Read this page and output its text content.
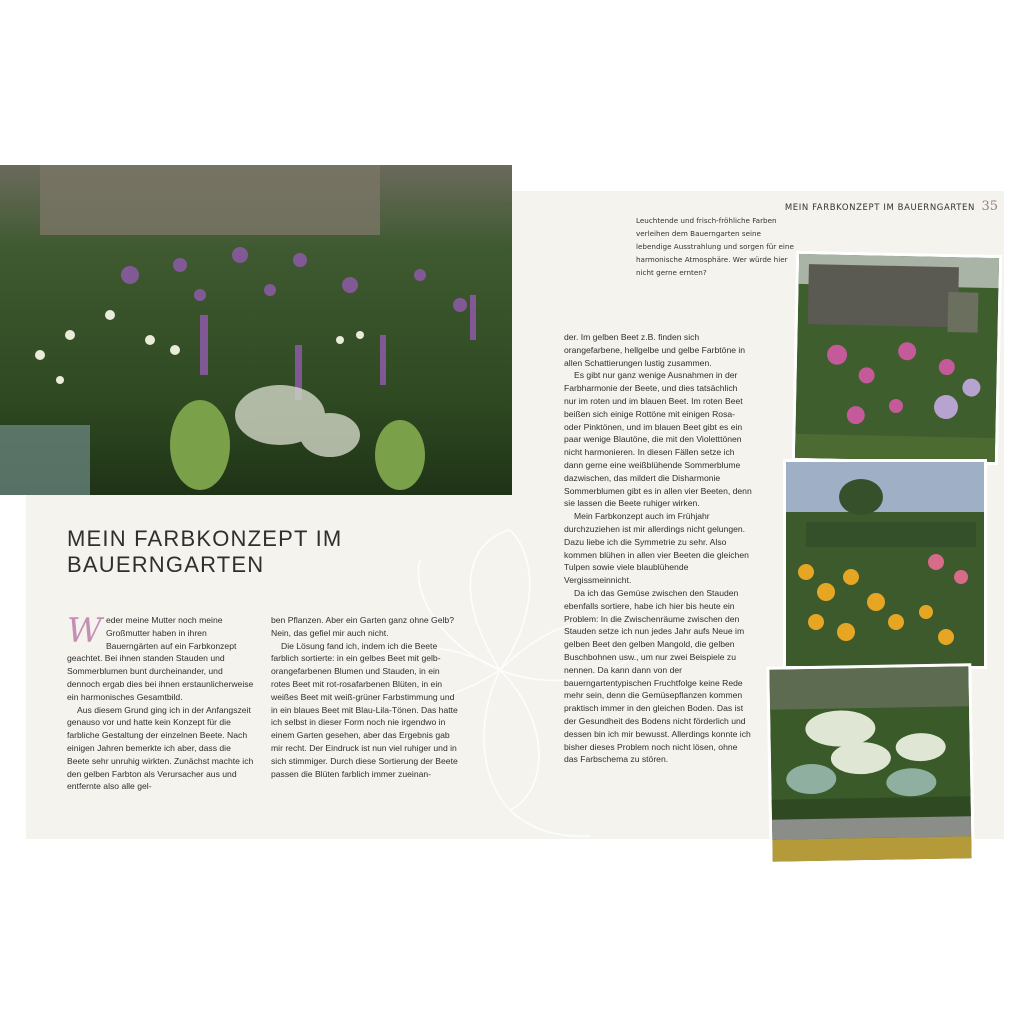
MEIN FARBKONZEPT IM BAUERNGARTEN 35
Leuchtende und frisch-fröhliche Farben verleihen dem Bauerngarten seine lebendige Ausstrahlung und sorgen für eine harmonische Atmosphäre. Wer würde hier nicht gerne ernten?
MEIN FARBKONZEPT IM BAUERNGARTEN

Weder meine Mutter noch meine Großmutter haben in ihren Bauerngärten auf ein Farbkonzept geachtet. Bei ihnen standen Stauden und Sommerblumen bunt durcheinander, und dennoch ergab dies bei ihnen erstaunlicherweise ein harmonisches Gesamtbild.

Aus diesem Grund ging ich in der Anfangszeit genauso vor und hatte kein Konzept für die farbliche Gestaltung der einzelnen Beete. Nach einigen Jahren bemerkte ich aber, dass die Beete sehr unruhig wirkten. Zunächst machte ich den gelben Farbton als Verursacher aus und entfernte also alle gel-

ben Pflanzen. Aber ein Garten ganz ohne Gelb? Nein, das gefiel mir auch nicht.

Die Lösung fand ich, indem ich die Beete farblich sortierte: in ein gelbes Beet mit gelb-orangefarbenen Blumen und Stauden, in ein rotes Beet mit rot-rosafarbenen Blüten, in ein weißes Beet mit weiß-grüner Farbstimmung und in ein blaues Beet mit Blau-Lila-Tönen. Das hatte ich selbst in dieser Form noch nie irgendwo in einem Garten gesehen, aber das Ergebnis gab mir recht. Der Eindruck ist nun viel ruhiger und in sich stimmiger. Durch diese Sortierung der Beete passen die Blüten farblich immer zueinan-

der. Im gelben Beet z.B. finden sich orangefarbene, hellgelbe und gelbe Farbtöne in allen Schattierungen lustig zusammen.

Es gibt nur ganz wenige Ausnahmen in der Farbharmonie der Beete, und dies tatsächlich nur im roten und im blauen Beet. Im roten Beet beißen sich einige Rottöne mit einigen Rosa- oder Pinktönen, und im blauen Beet gibt es ein paar wenige Blautöne, die mit den Violetttönen nicht harmonieren. In diesen Fällen setze ich dann gerne eine weißblühende Sommerblume dazwischen, das mildert die Disharmonie Sommerblumen gibt es in allen vier Beeten, denn sie lassen die Beete ruhiger wirken.

Mein Farbkonzept auch im Frühjahr durchzuziehen ist mir allerdings nicht gelungen. Dazu liebe ich die Symmetrie zu sehr. Also kommen blühen in allen vier Beeten die gleichen Tulpen sowie viele blaublühende Vergissmeinnicht.

Da ich das Gemüse zwischen den Stauden ebenfalls sortiere, habe ich hier bis heute ein Problem: In die Zwischenräume zwischen den Stauden setze ich nun jedes Jahr aufs Neue im gelben Beet den gelben Mangold, die gelben Buschbohnen usw., um nur zwei Beispiele zu nennen. Da kann dann von der bauerngartentypischen Fruchtfolge keine Rede mehr sein, denn die Gemüsepflanzen kommen praktisch immer in den gleichen Boden. Das ist der Gesundheit des Bodens nicht förderlich und dessen bin ich mir bewusst. Allerdings konnte ich bisher dieses Problem noch nicht lösen, ohne das Farbschema zu stören.
